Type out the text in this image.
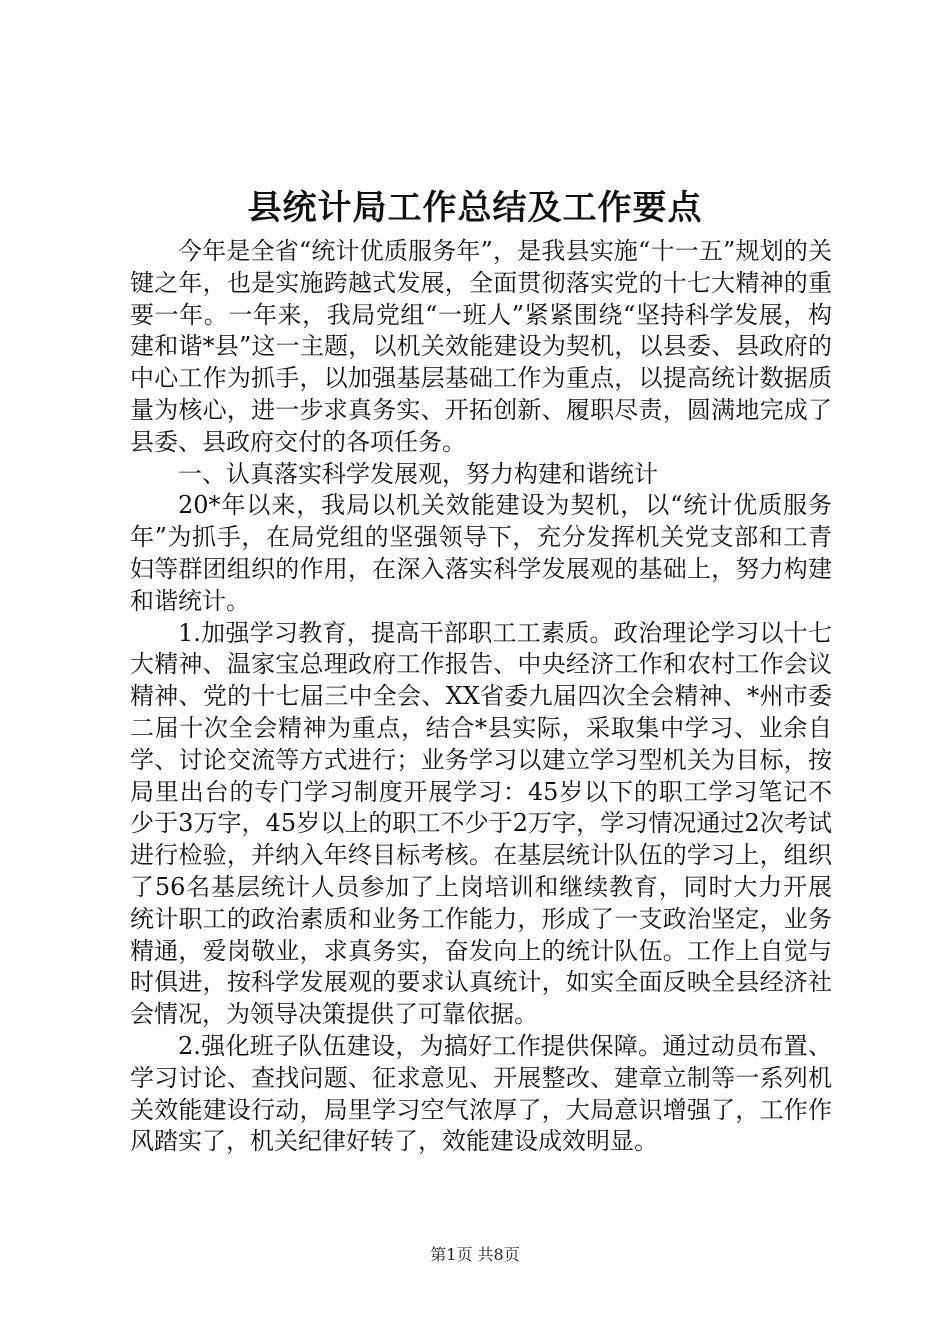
县统计局工作总结及工作要点

今年是全省“统计优质服务年”，是我县实施“十一五”规划的关键之年，也是实施跨越式发展，全面贯彻落实党的十七大精神的重要一年。一年来，我局党组“一班人”紧紧围绕“坚持科学发展，构建和谐*县”这一主题，以机关效能建设为契机，以县委、县政府的中心工作为抓手，以加强基层基础工作为重点，以提高统计数据质量为核心，进一步求真务实、开拓创新、履职尽责，圆满地完成了县委、县政府交付的各项任务。

一、认真落实科学发展观，努力构建和谐统计

20*年以来，我局以机关效能建设为契机，以“统计优质服务年”为抓手，在局党组的坚强领导下，充分发挥机关党支部和工青妇等群团组织的作用，在深入落实科学发展观的基础上，努力构建和谐统计。

1.加强学习教育，提高干部职工工素质。政治理论学习以十七大精神、温家宝总理政府工作报告、中央经济工作和农村工作会议精神、党的十七届三中全会、XX省委九届四次全会精神、*州市委二届十次全会精神为重点，结合*县实际，采取集中学习、业余自学、讨论交流等方式进行；业务学习以建立学习型机关为目标，按局里出台的专门学习制度开展学习：45岁以下的职工学习笔记不少于3万字，45岁以上的职工不少于2万字，学习情况通过2次考试进行检验，并纳入年终目标考核。在基层统计队伍的学习上，组织了56名基层统计人员参加了上岗培训和继续教育，同时大力开展统计职工的政治素质和业务工作能力，形成了一支政治坚定，业务精通，爱岗敬业，求真务实，奋发向上的统计队伍。工作上自觉与时俱进，按科学发展观的要求认真统计，如实全面反映全县经济社会情况，为领导决策提供了可靠依据。

2.强化班子队伍建设，为搞好工作提供保障。通过动员布置、学习讨论、查找问题、征求意见、开展整改、建章立制等一系列机关效能建设行动，局里学习空气浓厚了，大局意识增强了，工作作风踏实了，机关纪律好转了，效能建设成效明显。

第1页 共8页
